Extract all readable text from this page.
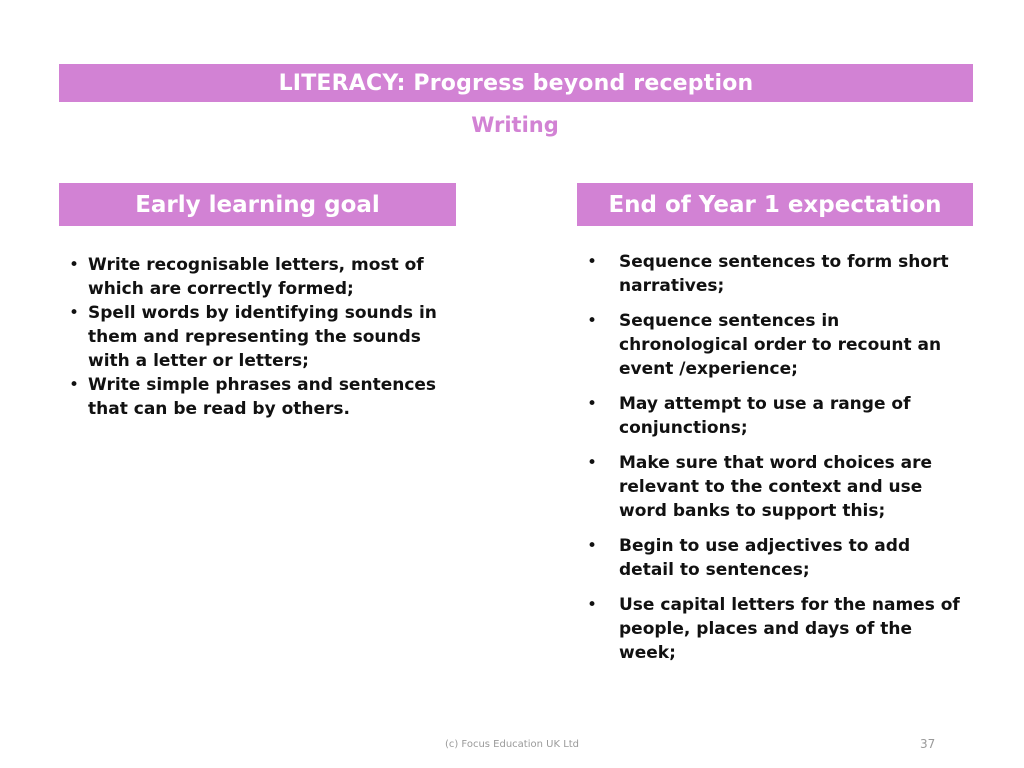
LITERACY: Progress beyond reception
Writing
Early learning goal	End of Year 1 expectation
• Write recognisable letters, most of which are correctly formed;
• Spell words by identifying sounds in them and representing the sounds with a letter or letters;
• Write simple phrases and sentences that can be read by others.
• Sequence sentences to form short narratives;
• Sequence sentences in chronological order to recount an event /experience;
• May attempt to use a range of conjunctions;
• Make sure that word choices are relevant to the context and use word banks to support this;
• Begin to use adjectives to add detail to sentences;
• Use capital letters for the names of people, places and days of the week;
(c) Focus Education UK Ltd	37
